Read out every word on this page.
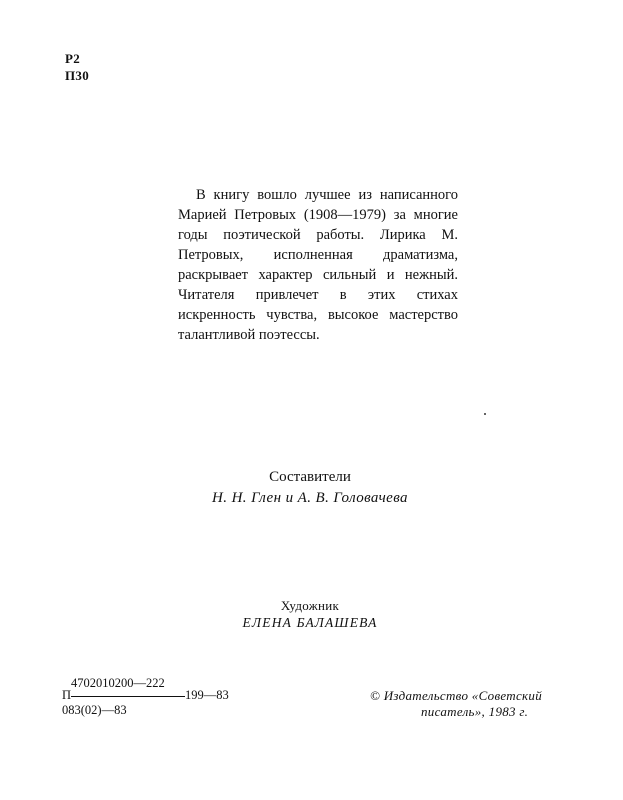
Р2
П30

В книгу вошло лучшее из написанного Марией Петровых (1908—1979) за многие годы поэтической работы. Лирика М. Петровых, исполненная драматизма, раскрывает характер сильный и нежный. Читателя привлечет в этих стихах искренность чувства, высокое мастерство талантливой поэтессы.

Составители
Н. Н. Глен и А. В. Головачева
Художник
ЕЛЕНА БАЛАШЕВА
П
4702010200—222
199—83
083(02)—83
© Издательство «Советский
писатель», 1983 г.
